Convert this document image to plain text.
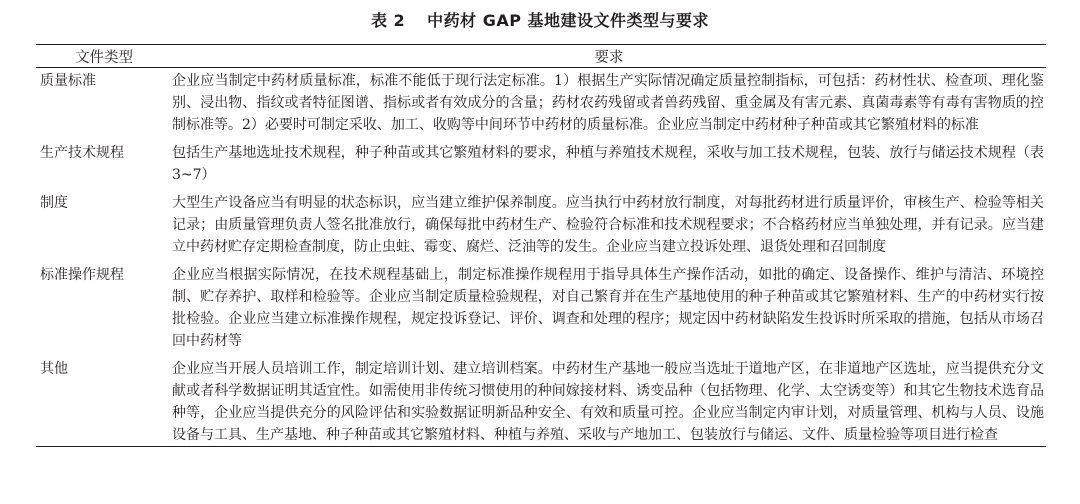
表 2 中药材 GAP 基地建设文件类型与要求
文件类型	要求
质量标准	企业应当制定中药材质量标准，标准不能低于现行法定标准。1）根据生产实际情况确定质量控制指标，可包括：药材性状、检查项、理化鉴别、浸出物、指纹或者特征图谱、指标或者有效成分的含量；药材农药残留或者兽药残留、重金属及有害元素、真菌毒素等有毒有害物质的控制标准等。2）必要时可制定采收、加工、收购等中间环节中药材的质量标准。企业应当制定中药材种子种苗或其它繁殖材料的标准
生产技术规程	包括生产基地选址技术规程，种子种苗或其它繁殖材料的要求，种植与养殖技术规程，采收与加工技术规程，包装、放行与储运技术规程（表 3~7）
制度	大型生产设备应当有明显的状态标识，应当建立维护保养制度。应当执行中药材放行制度，对每批药材进行质量评价，审核生产、检验等相关记录；由质量管理负责人签名批准放行，确保每批中药材生产、检验符合标准和技术规程要求；不合格药材应当单独处理，并有记录。应当建立中药材贮存定期检查制度，防止虫蛀、霉变、腐烂、泛油等的发生。企业应当建立投诉处理、退货处理和召回制度
标准操作规程	企业应当根据实际情况，在技术规程基础上，制定标准操作规程用于指导具体生产操作活动，如批的确定、设备操作、维护与清洁、环境控制、贮存养护、取样和检验等。企业应当制定质量检验规程，对自己繁育并在生产基地使用的种子种苗或其它繁殖材料、生产的中药材实行按批检验。企业应当建立标准操作规程，规定投诉登记、评价、调查和处理的程序；规定因中药材缺陷发生投诉时所采取的措施，包括从市场召回中药材等
其他	企业应当开展人员培训工作，制定培训计划、建立培训档案。中药材生产基地一般应当选址于道地产区，在非道地产区选址，应当提供充分文献或者科学数据证明其适宜性。如需使用非传统习惯使用的种间嫁接材料、诱变品种（包括物理、化学、太空诱变等）和其它生物技术选育品种等，企业应当提供充分的风险评估和实验数据证明新品种安全、有效和质量可控。企业应当制定内审计划，对质量管理、机构与人员、设施设备与工具、生产基地、种子种苗或其它繁殖材料、种植与养殖、采收与产地加工、包装放行与储运、文件、质量检验等项目进行检查
